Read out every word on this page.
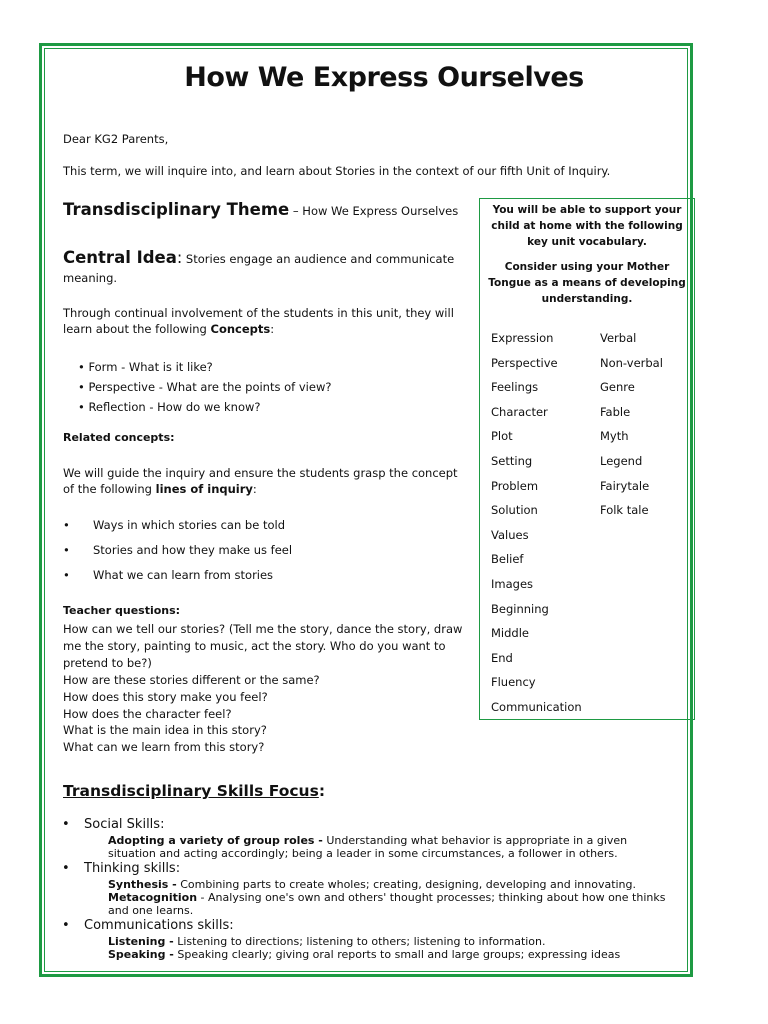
How We Express Ourselves
Dear KG2 Parents,
This term, we will inquire into, and learn about Stories in the context of our fifth Unit of Inquiry.
Transdisciplinary Theme – How We Express Ourselves
Central Idea: Stories engage an audience and communicate meaning.
Through continual involvement of the students in this unit, they will learn about the following Concepts:
• Form - What is it like?
• Perspective - What are the points of view?
• Reflection - How do we know?
Related concepts:
We will guide the inquiry and ensure the students grasp the concept of the following lines of inquiry:
• Ways in which stories can be told
• Stories and how they make us feel
• What we can learn from stories
Teacher questions:
How can we tell our stories? (Tell me the story, dance the story, draw
me the story, painting to music, act the story. Who do you want to
pretend to be?)
How are these stories different or the same?
How does this story make you feel?
How does the character feel?
What is the main idea in this story?
What can we learn from this story?
You will be able to support your
child at home with the following
key unit vocabulary.
Consider using your Mother
Tongue as a means of developing
understanding.
Expression
Perspective
Feelings
Character
Plot
Setting
Problem
Solution
Values
Belief
Images
Beginning
Middle
End
Fluency
Communication
Verbal
Non-verbal
Genre
Fable
Myth
Legend
Fairytale
Folk tale
Transdisciplinary Skills Focus:
• Social Skills:
Adopting a variety of group roles - Understanding what behavior is appropriate in a given
situation and acting accordingly; being a leader in some circumstances, a follower in others.
• Thinking skills:
Synthesis - Combining parts to create wholes; creating, designing, developing and innovating.
Metacognition - Analysing one's own and others' thought processes; thinking about how one thinks
and one learns.
• Communications skills:
Listening - Listening to directions; listening to others; listening to information.
Speaking - Speaking clearly; giving oral reports to small and large groups; expressing ideas
